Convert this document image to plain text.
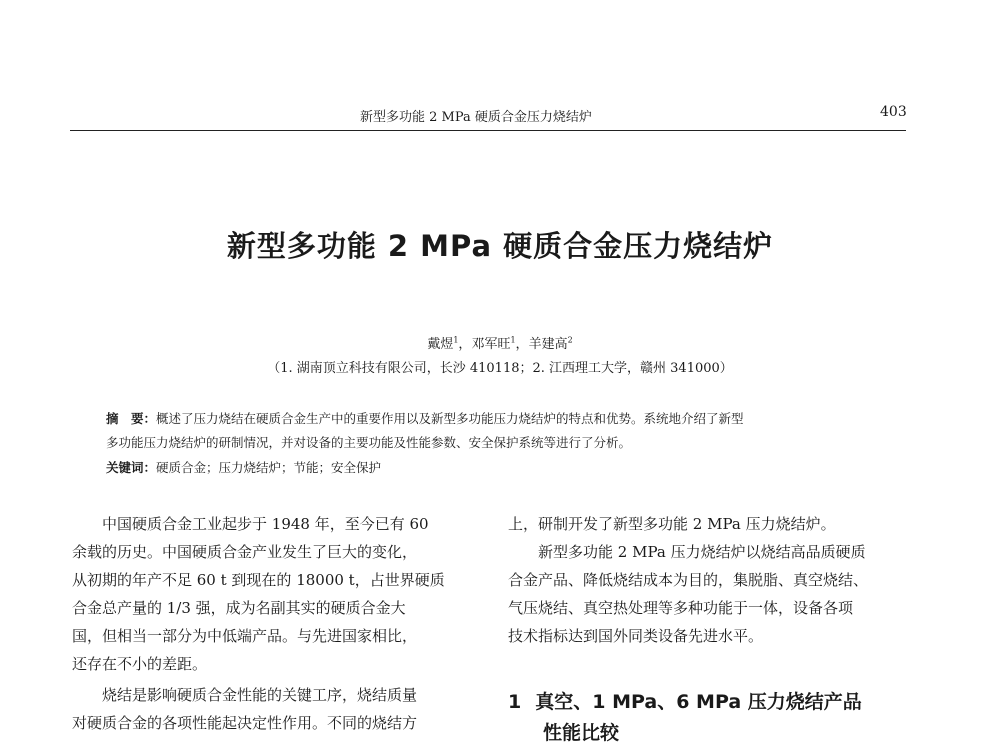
新型多功能 2 MPa 硬质合金压力烧结炉	403
新型多功能 2 MPa 硬质合金压力烧结炉
戴煜$^1$，邓军旺$^1$，羊建高$^2$
（1. 湖南顶立科技有限公司，长沙 410118；2. 江西理工大学，赣州 341000）
摘　要：概述了压力烧结在硬质合金生产中的重要作用以及新型多功能压力烧结炉的特点和优势。系统地介绍了新型
多功能压力烧结炉的研制情况，并对设备的主要功能及性能参数、安全保护系统等进行了分析。
关键词：硬质合金；压力烧结炉；节能；安全保护
　　中国硬质合金工业起步于 1948 年，至今已有 60
余载的历史。中国硬质合金产业发生了巨大的变化，
从初期的年产不足 60 t 到现在的 18000 t，占世界硬质
合金总产量的 1/3 强，成为名副其实的硬质合金大
国，但相当一部分为中低端产品。与先进国家相比，
还存在不小的差距。
　　烧结是影响硬质合金性能的关键工序，烧结质量
对硬质合金的各项性能起决定性作用。不同的烧结方
上，研制开发了新型多功能 2 MPa 压力烧结炉。
　　新型多功能 2 MPa 压力烧结炉以烧结高品质硬质
合金产品、降低烧结成本为目的，集脱脂、真空烧结、
气压烧结、真空热处理等多种功能于一体，设备各项
技术指标达到国外同类设备先进水平。
1 真空、1 MPa、6 MPa 压力烧结产品
性能比较
